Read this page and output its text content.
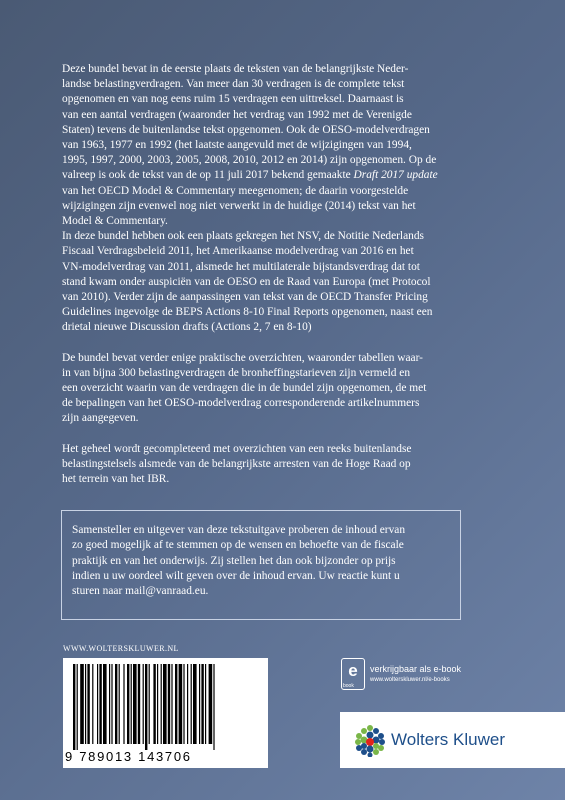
Deze bundel bevat in de eerste plaats de teksten van de belangrijkste Neder-
landse belastingverdragen. Van meer dan 30 verdragen is de complete tekst
opgenomen en van nog eens ruim 15 verdragen een uittreksel. Daarnaast is
van een aantal verdragen (waaronder het verdrag van 1992 met de Verenigde
Staten) tevens de buitenlandse tekst opgenomen. Ook de OESO-modelverdragen
van 1963, 1977 en 1992 (het laatste aangevuld met de wijzigingen van 1994,
1995, 1997, 2000, 2003, 2005, 2008, 2010, 2012 en 2014) zijn opgenomen. Op de
valreep is ook de tekst van de op 11 juli 2017 bekend gemaakte Draft 2017 update
van het OECD Model & Commentary meegenomen; de daarin voorgestelde
wijzigingen zijn evenwel nog niet verwerkt in de huidige (2014) tekst van het
Model & Commentary.

In deze bundel hebben ook een plaats gekregen het NSV, de Notitie Nederlands
Fiscaal Verdragsbeleid 2011, het Amerikaanse modelverdrag van 2016 en het
VN-modelverdrag van 2011, alsmede het multilaterale bijstandsverdrag dat tot
stand kwam onder auspiciën van de OESO en de Raad van Europa (met Protocol
van 2010). Verder zijn de aanpassingen van tekst van de OECD Transfer Pricing
Guidelines ingevolge de BEPS Actions 8-10 Final Reports opgenomen, naast een
drietal nieuwe Discussion drafts (Actions 2, 7 en 8-10)

De bundel bevat verder enige praktische overzichten, waaronder tabellen waar-
in van bijna 300 belastingverdragen de bronheffingstarieven zijn vermeld en
een overzicht waarin van de verdragen die in de bundel zijn opgenomen, de met
de bepalingen van het OESO-modelverdrag corresponderende artikelnummers
zijn aangegeven.

Het geheel wordt gecompleteerd met overzichten van een reeks buitenlandse
belastingstelsels alsmede van de belangrijkste arresten van de Hoge Raad op
het terrein van het IBR.

Samensteller en uitgever van deze tekstuitgave proberen de inhoud ervan
zo goed mogelijk af te stemmen op de wensen en behoefte van de fiscale
praktijk en van het onderwijs. Zij stellen het dan ook bijzonder op prijs
indien u uw oordeel wilt geven over de inhoud ervan. Uw reactie kunt u
sturen naar mail@vanraad.eu.
WWW.WOLTERSKLUWER.NL
9 789013 143706
e
book
verkrijgbaar als e-book
www.wolterskluwer.nl/e-books
Wolters Kluwer
